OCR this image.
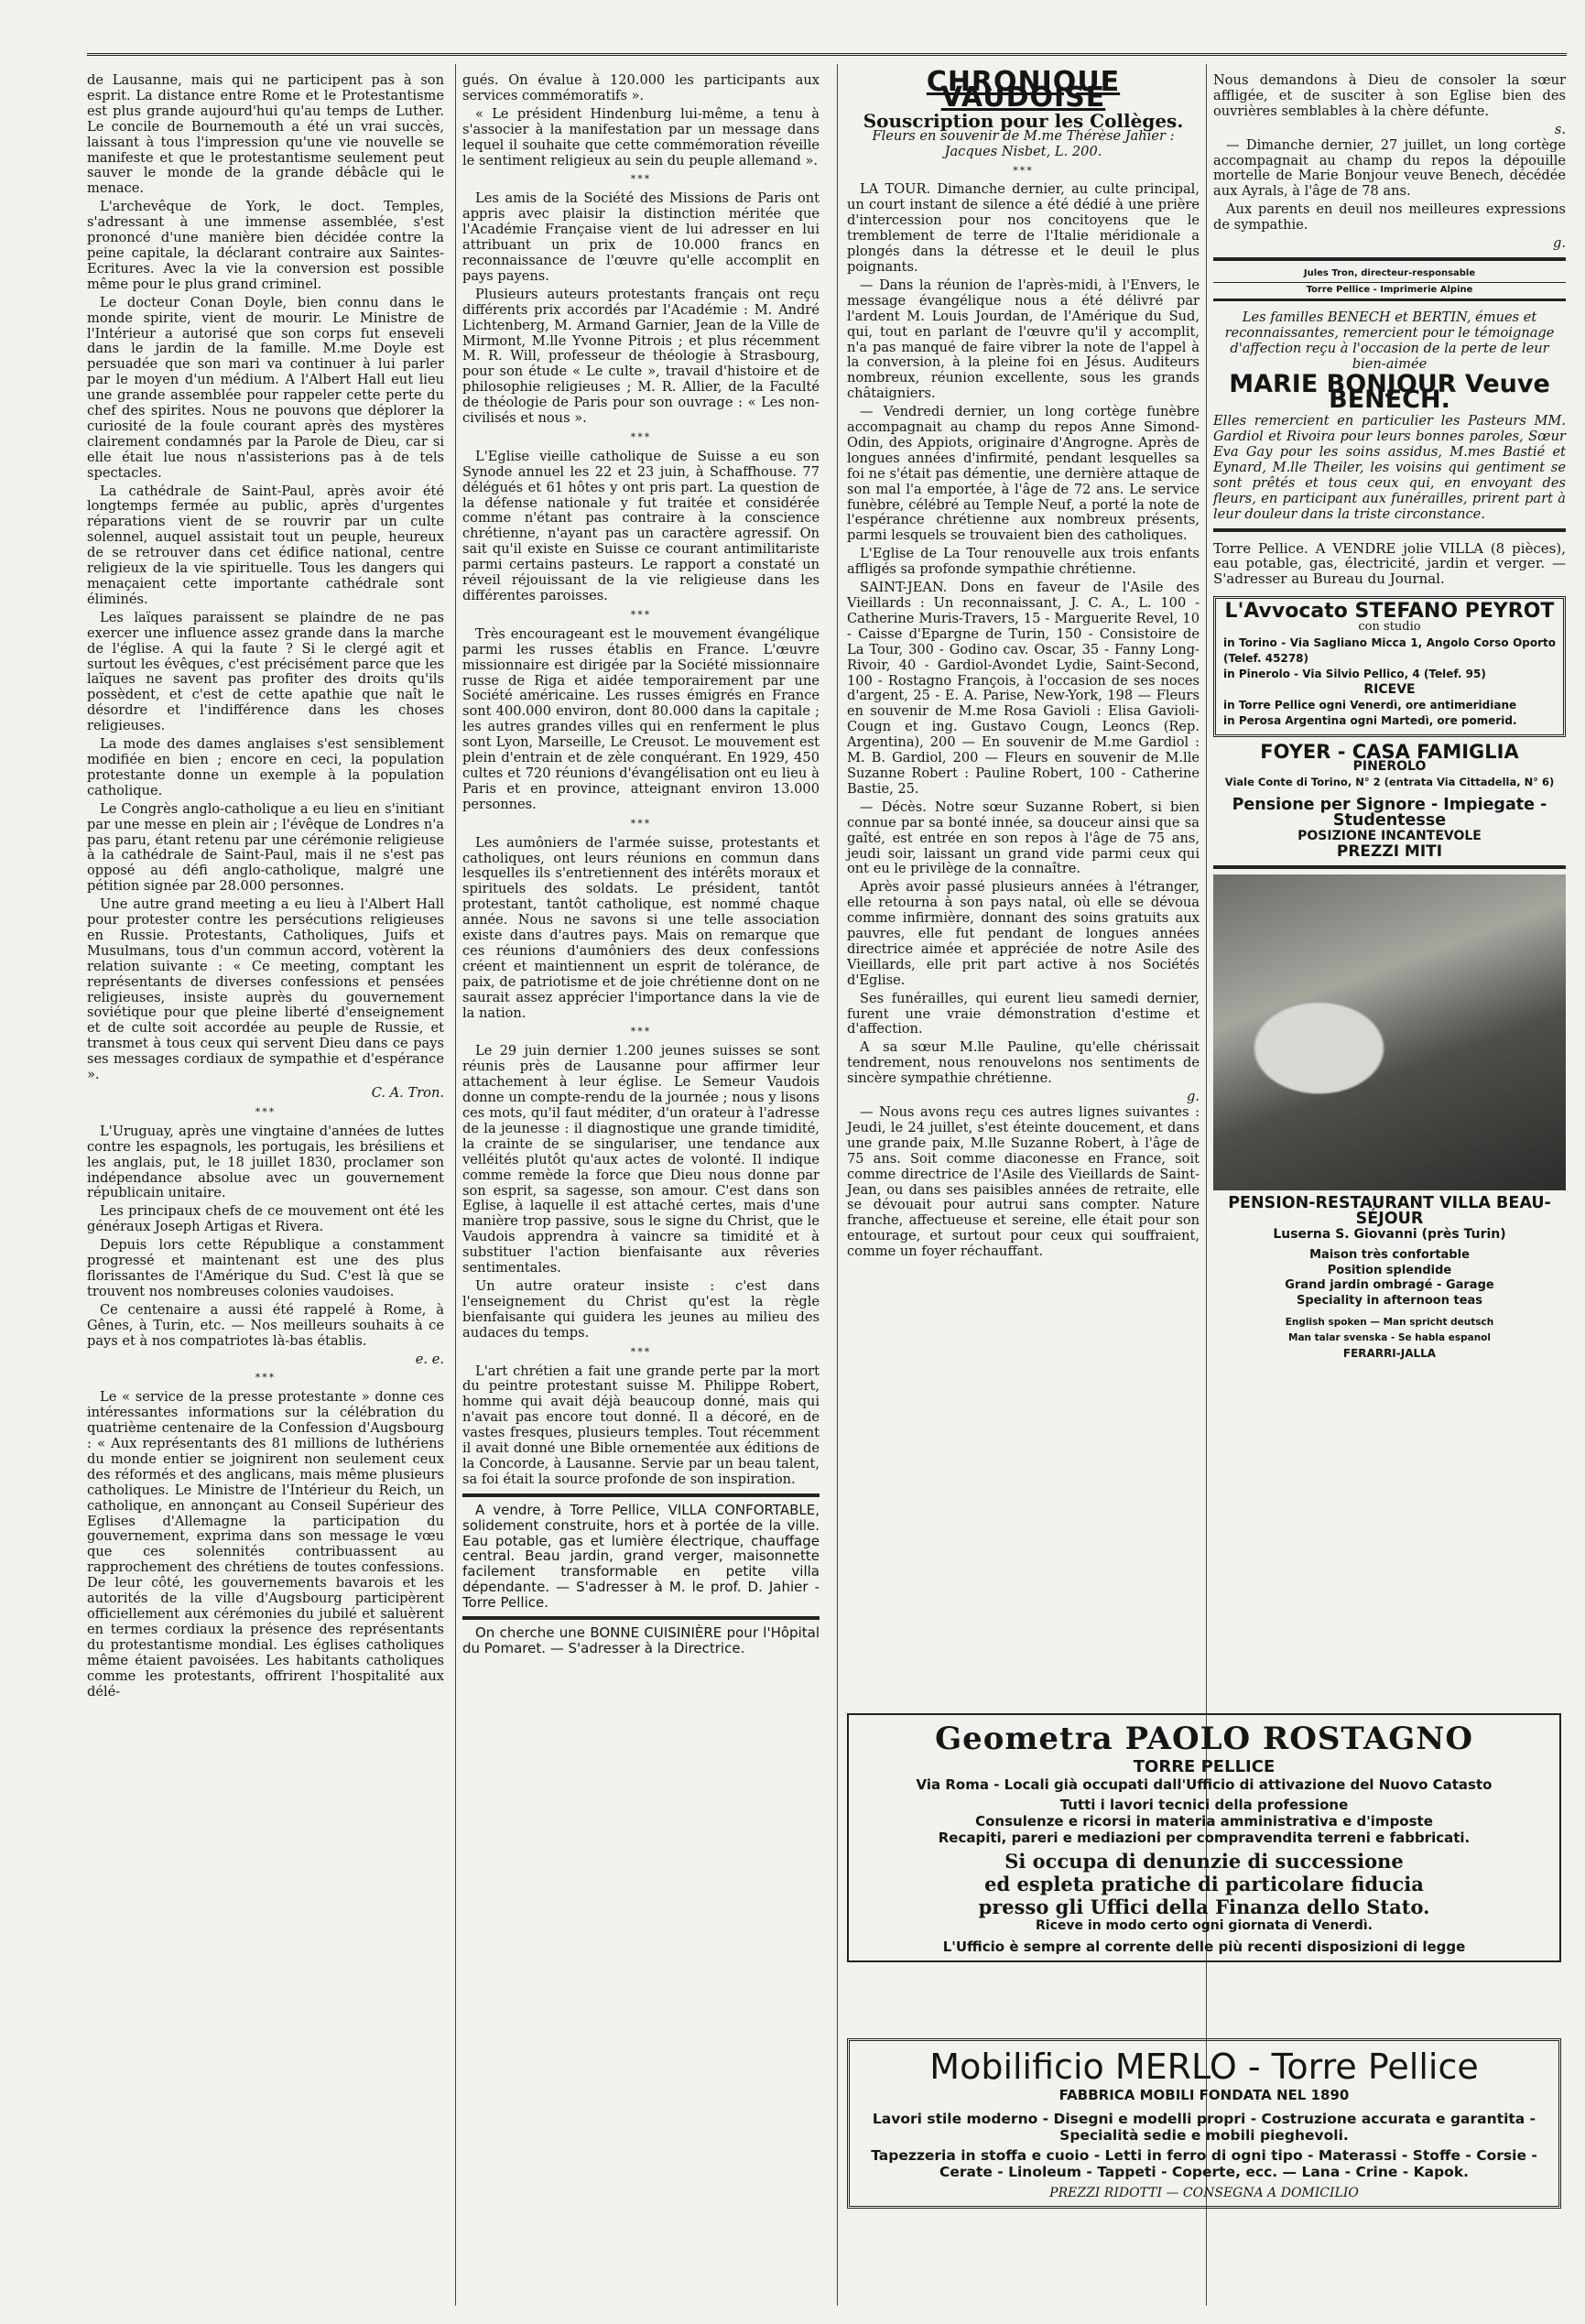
de Lausanne, mais qui ne participent pas à son esprit. La distance entre Rome et le Protestantisme est plus grande aujourd'hui qu'au temps de Luther. Le concile de Bournemouth a été un vrai succès, laissant à tous l'impression qu'une vie nouvelle se manifeste et que le protestantisme seulement peut sauver le monde de la grande débâcle qui le menace.

L'archevêque de York, le doct. Temples, s'adressant à une immense assemblée, s'est prononcé d'une manière bien décidée contre la peine capitale, la déclarant contraire aux Saintes-Ecritures. Avec la vie la conversion est possible même pour le plus grand criminel.

Le docteur Conan Doyle, bien connu dans le monde spirite, vient de mourir. Le Ministre de l'Intérieur a autorisé que son corps fut enseveli dans le jardin de la famille. M.me Doyle est persuadée que son mari va continuer à lui parler par le moyen d'un médium. A l'Albert Hall eut lieu une grande assemblée pour rappeler cette perte du chef des spirites. Nous ne pouvons que déplorer la curiosité de la foule courant après des mystères clairement condamnés par la Parole de Dieu, car si elle était lue nous n'assisterions pas à de tels spectacles.

La cathédrale de Saint-Paul, après avoir été longtemps fermée au public, après d'urgentes réparations vient de se rouvrir par un culte solennel, auquel assistait tout un peuple, heureux de se retrouver dans cet édifice national, centre religieux de la vie spirituelle. Tous les dangers qui menaçaient cette importante cathédrale sont éliminés.

Les laïques paraissent se plaindre de ne pas exercer une influence assez grande dans la marche de l'église. A qui la faute ? Si le clergé agit et surtout les évêques, c'est précisément parce que les laïques ne savent pas profiter des droits qu'ils possèdent, et c'est de cette apathie que naît le désordre et l'indifférence dans les choses religieuses.

La mode des dames anglaises s'est sensiblement modifiée en bien ; encore en ceci, la population protestante donne un exemple à la population catholique.

Le Congrès anglo-catholique a eu lieu en s'initiant par une messe en plein air ; l'évêque de Londres n'a pas paru, étant retenu par une cérémonie religieuse à la cathédrale de Saint-Paul, mais il ne s'est pas opposé au défi anglo-catholique, malgré une pétition signée par 28.000 personnes.

Une autre grand meeting a eu lieu à l'Albert Hall pour protester contre les persécutions religieuses en Russie. Protestants, Catholiques, Juifs et Musulmans, tous d'un commun accord, votèrent la relation suivante : « Ce meeting, comptant les représentants de diverses confessions et pensées religieuses, insiste auprès du gouvernement soviétique pour que pleine liberté d'enseignement et de culte soit accordée au peuple de Russie, et transmet à tous ceux qui servent Dieu dans ce pays ses messages cordiaux de sympathie et d'espérance ».

C. A. Tron.
***

L'Uruguay, après une vingtaine d'années de luttes contre les espagnols, les portugais, les brésiliens et les anglais, put, le 18 juillet 1830, proclamer son indépendance absolue avec un gouvernement républicain unitaire.

Les principaux chefs de ce mouvement ont été les généraux Joseph Artigas et Rivera.

Depuis lors cette République a constamment progressé et maintenant est une des plus florissantes de l'Amérique du Sud. C'est là que se trouvent nos nombreuses colonies vaudoises.

Ce centenaire a aussi été rappelé à Rome, à Gênes, à Turin, etc. — Nos meilleurs souhaits à ce pays et à nos compatriotes là-bas établis.

e. e.
***

Le « service de la presse protestante » donne ces intéressantes informations sur la célébration du quatrième centenaire de la Confession d'Augsbourg : « Aux représentants des 81 millions de luthériens du monde entier se joignirent non seulement ceux des réformés et des anglicans, mais même plusieurs catholiques. Le Ministre de l'Intérieur du Reich, un catholique, en annonçant au Conseil Supérieur des Eglises d'Allemagne la participation du gouvernement, exprima dans son message le vœu que ces solennités contribuassent au rapprochement des chrétiens de toutes confessions. De leur côté, les gouvernements bavarois et les autorités de la ville d'Augsbourg participèrent officiellement aux cérémonies du jubilé et saluèrent en termes cordiaux la présence des représentants du protestantisme mondial. Les églises catholiques même étaient pavoisées. Les habitants catholiques comme les protestants, offrirent l'hospitalité aux délé-

gués. On évalue à 120.000 les participants aux services commémoratifs ».

« Le président Hindenburg lui-même, a tenu à s'associer à la manifestation par un message dans lequel il souhaite que cette commémoration réveille le sentiment religieux au sein du peuple allemand ».

***

Les amis de la Société des Missions de Paris ont appris avec plaisir la distinction méritée que l'Académie Française vient de lui adresser en lui attribuant un prix de 10.000 francs en reconnaissance de l'œuvre qu'elle accomplit en pays payens.

Plusieurs auteurs protestants français ont reçu différents prix accordés par l'Académie : M. André Lichtenberg, M. Armand Garnier, Jean de la Ville de Mirmont, M.lle Yvonne Pitrois ; et plus récemment M. R. Will, professeur de théologie à Strasbourg, pour son étude « Le culte », travail d'histoire et de philosophie religieuses ; M. R. Allier, de la Faculté de théologie de Paris pour son ouvrage : « Les non-civilisés et nous ».

***

L'Eglise vieille catholique de Suisse a eu son Synode annuel les 22 et 23 juin, à Schaffhouse. 77 délégués et 61 hôtes y ont pris part. La question de la défense nationale y fut traitée et considérée comme n'étant pas contraire à la conscience chrétienne, n'ayant pas un caractère agressif. On sait qu'il existe en Suisse ce courant antimilitariste parmi certains pasteurs. Le rapport a constaté un réveil réjouissant de la vie religieuse dans les différentes paroisses.

***

Très encourageant est le mouvement évangélique parmi les russes établis en France. L'œuvre missionnaire est dirigée par la Société missionnaire russe de Riga et aidée temporairement par une Société américaine. Les russes émigrés en France sont 400.000 environ, dont 80.000 dans la capitale ; les autres grandes villes qui en renferment le plus sont Lyon, Marseille, Le Creusot. Le mouvement est plein d'entrain et de zèle conquérant. En 1929, 450 cultes et 720 réunions d'évangélisation ont eu lieu à Paris et en province, atteignant environ 13.000 personnes.

***

Les aumôniers de l'armée suisse, protestants et catholiques, ont leurs réunions en commun dans lesquelles ils s'entretiennent des intérêts moraux et spirituels des soldats. Le président, tantôt protestant, tantôt catholique, est nommé chaque année. Nous ne savons si une telle association existe dans d'autres pays. Mais on remarque que ces réunions d'aumôniers des deux confessions créent et maintiennent un esprit de tolérance, de paix, de patriotisme et de joie chrétienne dont on ne saurait assez apprécier l'importance dans la vie de la nation.

***

Le 29 juin dernier 1.200 jeunes suisses se sont réunis près de Lausanne pour affirmer leur attachement à leur église. Le Semeur Vaudois donne un compte-rendu de la journée ; nous y lisons ces mots, qu'il faut méditer, d'un orateur à l'adresse de la jeunesse : il diagnostique une grande timidité, la crainte de se singulariser, une tendance aux velléités plutôt qu'aux actes de volonté. Il indique comme remède la force que Dieu nous donne par son esprit, sa sagesse, son amour. C'est dans son Eglise, à laquelle il est attaché certes, mais d'une manière trop passive, sous le signe du Christ, que le Vaudois apprendra à vaincre sa timidité et à substituer l'action bienfaisante aux rêveries sentimentales.

Un autre orateur insiste : c'est dans l'enseignement du Christ qu'est la règle bienfaisante qui guidera les jeunes au milieu des audaces du temps.

***

L'art chrétien a fait une grande perte par la mort du peintre protestant suisse M. Philippe Robert, homme qui avait déjà beaucoup donné, mais qui n'avait pas encore tout donné. Il a décoré, en de vastes fresques, plusieurs temples. Tout récemment il avait donné une Bible ornementée aux éditions de la Concorde, à Lausanne. Servie par un beau talent, sa foi était la source profonde de son inspiration.

A vendre, à Torre Pellice, VILLA CONFORTABLE, solidement construite, hors et à portée de la ville. Eau potable, gas et lumière électrique, chauffage central. Beau jardin, grand verger, maisonnette facilement transformable en petite villa dépendante. — S'adresser à M. le prof. D. Jahier - Torre Pellice.

On cherche une BONNE CUISINIÈRE pour l'Hôpital du Pomaret. — S'adresser à la Directrice.

CHRONIQUE VAUDOISE
Souscription pour les Collèges.
Fleurs en souvenir de M.me Thérèse Jahier : Jacques Nisbet, L. 200.
***

LA TOUR. Dimanche dernier, au culte principal, un court instant de silence a été dédié à une prière d'intercession pour nos concitoyens que le tremblement de terre de l'Italie méridionale a plongés dans la détresse et le deuil le plus poignants.

— Dans la réunion de l'après-midi, à l'Envers, le message évangélique nous a été délivré par l'ardent M. Louis Jourdan, de l'Amérique du Sud, qui, tout en parlant de l'œuvre qu'il y accomplit, n'a pas manqué de faire vibrer la note de l'appel à la conversion, à la pleine foi en Jésus. Auditeurs nombreux, réunion excellente, sous les grands châtaigniers.

— Vendredi dernier, un long cortège funèbre accompagnait au champ du repos Anne Simond-Odin, des Appiots, originaire d'Angrogne. Après de longues années d'infirmité, pendant lesquelles sa foi ne s'était pas démentie, une dernière attaque de son mal l'a emportée, à l'âge de 72 ans. Le service funèbre, célébré au Temple Neuf, a porté la note de l'espérance chrétienne aux nombreux présents, parmi lesquels se trouvaient bien des catholiques.

L'Eglise de La Tour renouvelle aux trois enfants affligés sa profonde sympathie chrétienne.

SAINT-JEAN. Dons en faveur de l'Asile des Vieillards : Un reconnaissant, J. C. A., L. 100 - Catherine Muris-Travers, 15 - Marguerite Revel, 10 - Caisse d'Epargne de Turin, 150 - Consistoire de La Tour, 300 - Godino cav. Oscar, 35 - Fanny Long-Rivoir, 40 - Gardiol-Avondet Lydie, Saint-Second, 100 - Rostagno François, à l'occasion de ses noces d'argent, 25 - E. A. Parise, New-York, 198 — Fleurs en souvenir de M.me Rosa Gavioli : Elisa Gavioli-Cougn et ing. Gustavo Cougn, Leoncs (Rep. Argentina), 200 — En souvenir de M.me Gardiol : M. B. Gardiol, 200 — Fleurs en souvenir de M.lle Suzanne Robert : Pauline Robert, 100 - Catherine Bastie, 25.

— Décès. Notre sœur Suzanne Robert, si bien connue par sa bonté innée, sa douceur ainsi que sa gaîté, est entrée en son repos à l'âge de 75 ans, jeudi soir, laissant un grand vide parmi ceux qui ont eu le privilège de la connaître.

Après avoir passé plusieurs années à l'étranger, elle retourna à son pays natal, où elle se dévoua comme infirmière, donnant des soins gratuits aux pauvres, elle fut pendant de longues années directrice aimée et appréciée de notre Asile des Vieillards, elle prit part active à nos Sociétés d'Eglise.

Ses funérailles, qui eurent lieu samedi dernier, furent une vraie démonstration d'estime et d'affection.

A sa sœur M.lle Pauline, qu'elle chérissait tendrement, nous renouvelons nos sentiments de sincère sympathie chrétienne.

g.

— Nous avons reçu ces autres lignes suivantes : Jeudi, le 24 juillet, s'est éteinte doucement, et dans une grande paix, M.lle Suzanne Robert, à l'âge de 75 ans. Soit comme diaconesse en France, soit comme directrice de l'Asile des Vieillards de Saint-Jean, ou dans ses paisibles années de retraite, elle se dévouait pour autrui sans compter. Nature franche, affectueuse et sereine, elle était pour son entourage, et surtout pour ceux qui souffraient, comme un foyer réchauffant.

Nous demandons à Dieu de consoler la sœur affligée, et de susciter à son Eglise bien des ouvrières semblables à la chère défunte.

s.

— Dimanche dernier, 27 juillet, un long cortège accompagnait au champ du repos la dépouille mortelle de Marie Bonjour veuve Benech, décédée aux Ayrals, à l'âge de 78 ans.

Aux parents en deuil nos meilleures expressions de sympathie.

g.
Jules Tron, directeur-responsable
Torre Pellice - Imprimerie Alpine
Les familles BENECH et BERTIN, émues et reconnaissantes, remercient pour le témoignage d'affection reçu à l'occasion de la perte de leur bien-aimée
MARIE BONJOUR Veuve BENECH.
Elles remercient en particulier les Pasteurs MM. Gardiol et Rivoira pour leurs bonnes paroles, Sœur Eva Gay pour les soins assidus, M.mes Bastié et Eynard, M.lle Theiler, les voisins qui gentiment se sont prêtés et tous ceux qui, en envoyant des fleurs, en participant aux funérailles, prirent part à leur douleur dans la triste circonstance.
Torre Pellice. A VENDRE jolie VILLA (8 pièces), eau potable, gas, électricité, jardin et verger. — S'adresser au Bureau du Journal.
L'Avvocato STEFANO PEYROT
con studio
in Torino - Via Sagliano Micca 1, Angolo Corso Oporto (Telef. 45278)
in Pinerolo - Via Silvio Pellico, 4 (Telef. 95)
RICEVE
in Torre Pellice ogni Venerdì, ore antimeridiane
in Perosa Argentina ogni Martedì, ore pomerid.
FOYER - CASA FAMIGLIA
PINEROLO
Viale Conte di Torino, N° 2 (entrata Via Cittadella, N° 6)
Pensione per Signore - Impiegate - Studentesse
POSIZIONE INCANTEVOLE
PREZZI MITI
PENSION-RESTAURANT VILLA BEAU-SÉJOUR
Luserna S. Giovanni (près Turin)
Maison très confortable
Position splendide
Grand jardin ombragé - Garage
Speciality in afternoon teas
English spoken — Man spricht deutsch
Man talar svenska - Se habla espanol
FERARRI-JALLA
Geometra PAOLO ROSTAGNO
TORRE PELLICE
Via Roma - Locali già occupati dall'Ufficio di attivazione del Nuovo Catasto
Tutti i lavori tecnici della professione
Consulenze e ricorsi in materia amministrativa e d'imposte
Recapiti, pareri e mediazioni per compravendita terreni e fabbricati.
Si occupa di denunzie di successione
ed espleta pratiche di particolare fiducia
presso gli Uffici della Finanza dello Stato.
Riceve in modo certo ogni giornata di Venerdì.
L'Ufficio è sempre al corrente delle più recenti disposizioni di legge
Mobilificio MERLO - Torre Pellice
FABBRICA MOBILI FONDATA NEL 1890
Lavori stile moderno - Disegni e modelli propri - Costruzione accurata e garantita - Specialità sedie e mobili pieghevoli.
Tapezzeria in stoffa e cuoio - Letti in ferro di ogni tipo - Materassi - Stoffe - Corsie - Cerate - Linoleum - Tappeti - Coperte, ecc. — Lana - Crine - Kapok.
PREZZI RIDOTTI — CONSEGNA A DOMICILIO
